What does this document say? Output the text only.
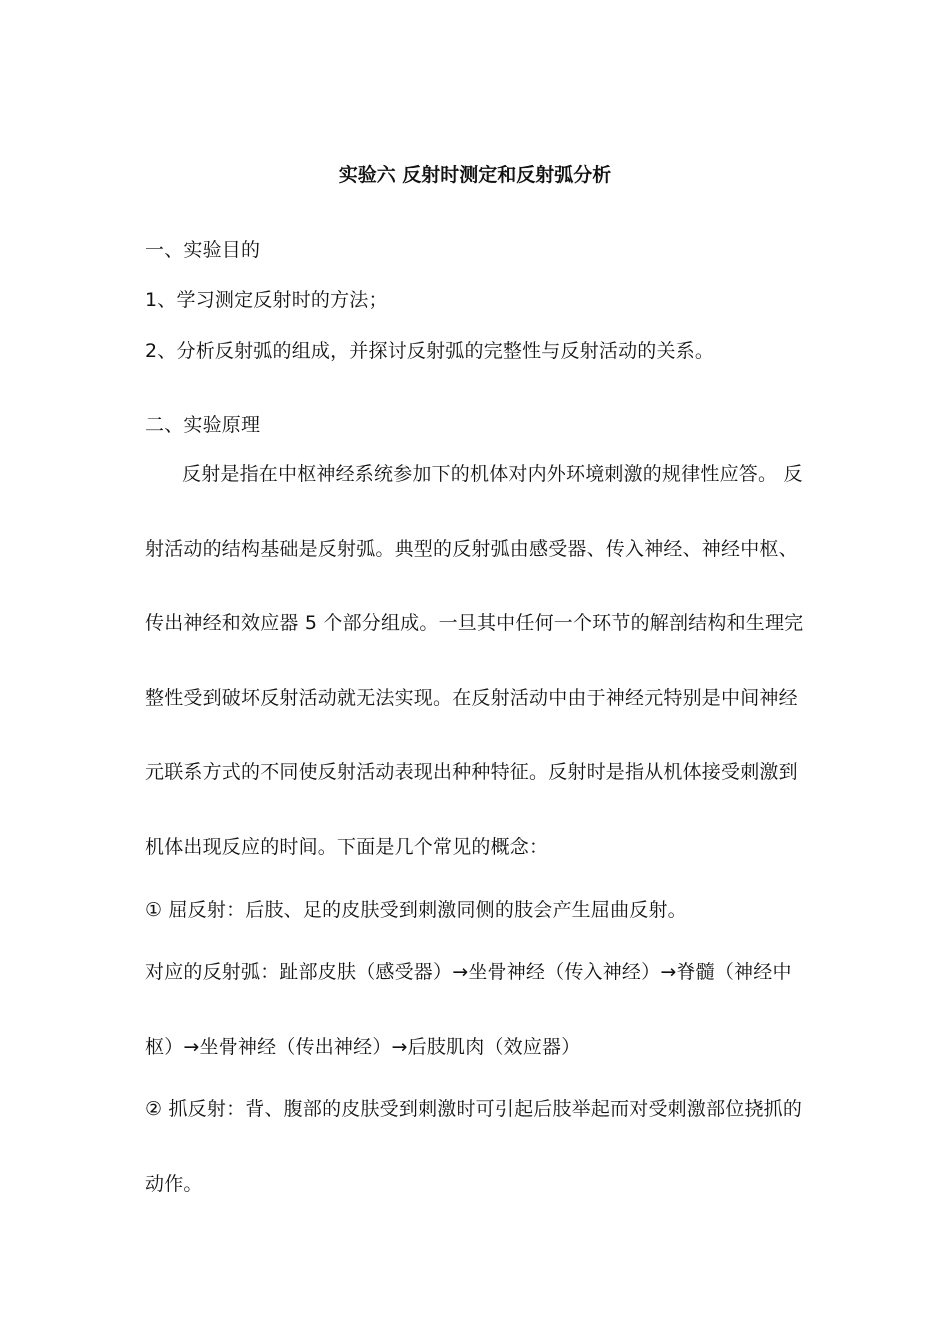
实验六 反射时测定和反射弧分析
一、实验目的
1、学习测定反射时的方法；
2、分析反射弧的组成，并探讨反射弧的完整性与反射活动的关系。
二、实验原理
反射是指在中枢神经系统参加下的机体对内外环境刺激的规律性应答。 反
射活动的结构基础是反射弧。典型的反射弧由感受器、传入神经、神经中枢、
传出神经和效应器 5 个部分组成。一旦其中任何一个环节的解剖结构和生理完
整性受到破坏反射活动就无法实现。在反射活动中由于神经元特别是中间神经
元联系方式的不同使反射活动表现出种种特征。反射时是指从机体接受刺激到
机体出现反应的时间。下面是几个常见的概念：
① 屈反射：后肢、足的皮肤受到刺激同侧的肢会产生屈曲反射。
对应的反射弧：趾部皮肤（感受器）→坐骨神经（传入神经）→脊髓（神经中
枢）→坐骨神经（传出神经）→后肢肌肉（效应器）
② 抓反射：背、腹部的皮肤受到刺激时可引起后肢举起而对受刺激部位挠抓的
动作。
